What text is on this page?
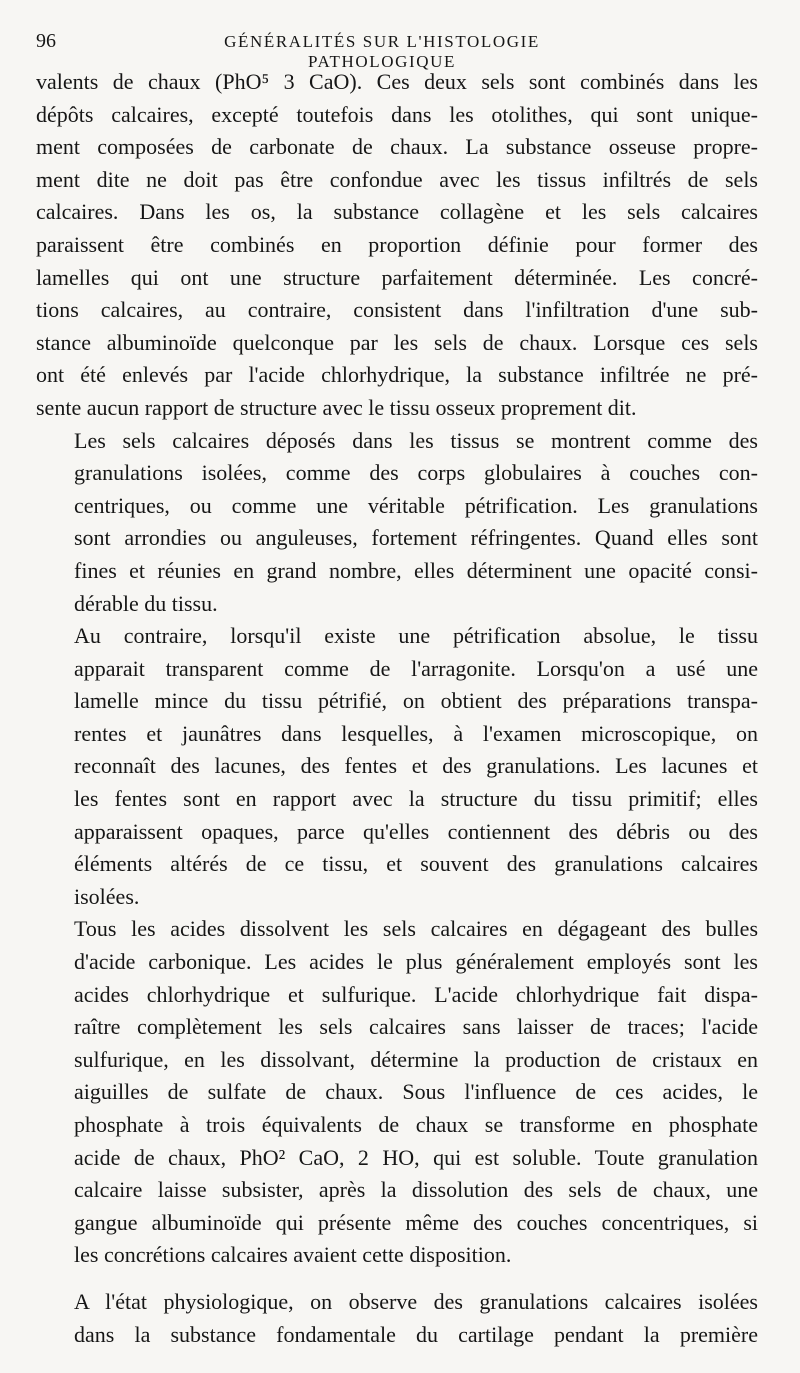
96	GÉNÉRALITÉS SUR L'HISTOLOGIE PATHOLOGIQUE

valents de chaux (PhO⁵ 3 CaO). Ces deux sels sont combinés dans les
dépôts calcaires, excepté toutefois dans les otolithes, qui sont unique-
ment composées de carbonate de chaux. La substance osseuse propre-
ment dite ne doit pas être confondue avec les tissus infiltrés de sels
calcaires. Dans les os, la substance collagène et les sels calcaires
paraissent être combinés en proportion définie pour former des
lamelles qui ont une structure parfaitement déterminée. Les concré-
tions calcaires, au contraire, consistent dans l'infiltration d'une sub-
stance albuminoïde quelconque par les sels de chaux. Lorsque ces sels
ont été enlevés par l'acide chlorhydrique, la substance infiltrée ne pré-
sente aucun rapport de structure avec le tissu osseux proprement dit.

Les sels calcaires déposés dans les tissus se montrent comme des
granulations isolées, comme des corps globulaires à couches con-
centriques, ou comme une véritable pétrification. Les granulations
sont arrondies ou anguleuses, fortement réfringentes. Quand elles sont
fines et réunies en grand nombre, elles déterminent une opacité consi-
dérable du tissu.

Au contraire, lorsqu'il existe une pétrification absolue, le tissu
apparait transparent comme de l'arragonite. Lorsqu'on a usé une
lamelle mince du tissu pétrifié, on obtient des préparations transpa-
rentes et jaunâtres dans lesquelles, à l'examen microscopique, on
reconnaît des lacunes, des fentes et des granulations. Les lacunes et
les fentes sont en rapport avec la structure du tissu primitif; elles
apparaissent opaques, parce qu'elles contiennent des débris ou des
éléments altérés de ce tissu, et souvent des granulations calcaires
isolées.

Tous les acides dissolvent les sels calcaires en dégageant des bulles
d'acide carbonique. Les acides le plus généralement employés sont les
acides chlorhydrique et sulfurique. L'acide chlorhydrique fait dispa-
raître complètement les sels calcaires sans laisser de traces; l'acide
sulfurique, en les dissolvant, détermine la production de cristaux en
aiguilles de sulfate de chaux. Sous l'influence de ces acides, le
phosphate à trois équivalents de chaux se transforme en phosphate
acide de chaux, PhO² CaO, 2 HO, qui est soluble. Toute granulation
calcaire laisse subsister, après la dissolution des sels de chaux, une
gangue albuminoïde qui présente même des couches concentriques, si
les concrétions calcaires avaient cette disposition.

A l'état physiologique, on observe des granulations calcaires isolées
dans la substance fondamentale du cartilage pendant la première
